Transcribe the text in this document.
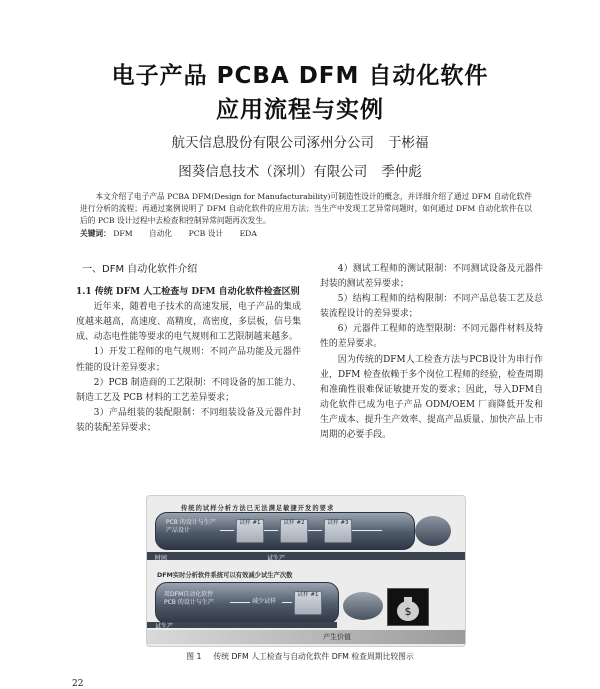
电子产品 PCBA DFM 自动化软件
应用流程与实例
航天信息股份有限公司涿州分公司 于彬福
图葵信息技术（深圳）有限公司 季仲彪

本文介绍了电子产品 PCBA DFM(Design for Manufacturability)可制造性设计的概念，并详细介绍了通过 DFM 自动化软件进行分析的流程；再通过案例说明了 DFM 自动化软件的应用方法；当生产中发现工艺异常问题时，如何通过 DFM 自动化软件在以后的 PCB 设计过程中去检查和控制异常问题再次发生。

关键词： DFM 自动化 PCB 设计 EDA

一、DFM 自动化软件介绍

1.1 传统 DFM 人工检查与 DFM 自动化软件检查区别

近年来，随着电子技术的高速发展，电子产品的集成度越来越高，高速度、高精度，高密度，多层板，信号集成、动态电性能等要求的电气规则和工艺限制越来越多。

1）开发工程师的电气规则：不同产品功能及元器件性能的设计差异要求；

2）PCB 制造商的工艺限制：不同设备的加工能力、制造工艺及 PCB 材料的工艺差异要求；

3）产品组装的装配限制：不同组装设备及元器件封装的装配差异要求；

4）测试工程师的测试限制：不同测试设备及元器件封装的测试差异要求；

5）结构工程师的结构限制：不同产品总装工艺及总装流程设计的差异要求；

6）元器件工程师的选型限制：不同元器件材料及特性的差异要求。

因为传统的DFM人工检查方法与PCB设计为串行作业，DFM 检查依赖于多个岗位工程师的经验，检查周期和准确性很难保证敏捷开发的要求；因此，导入DFM自动化软件已成为电子产品 ODM/OEM 厂商降低开发和生产成本、提升生产效率、提高产品质量、加快产品上市周期的必要手段。

传统的试样分析方法已无法满足敏捷开发的要求
PCB 的设计与生产 产品设计
试样 #1	试样 #2	试样 #3
时间	试生产
DFM实时分析软件系统可以有效减少试生产次数
用DFM自动化软件 PCB 的设计与生产	减少试样
试样 #1
$
试生产
产生价值
图 1 传统 DFM 人工检查与自动化软件 DFM 检查周期比较图示
22
